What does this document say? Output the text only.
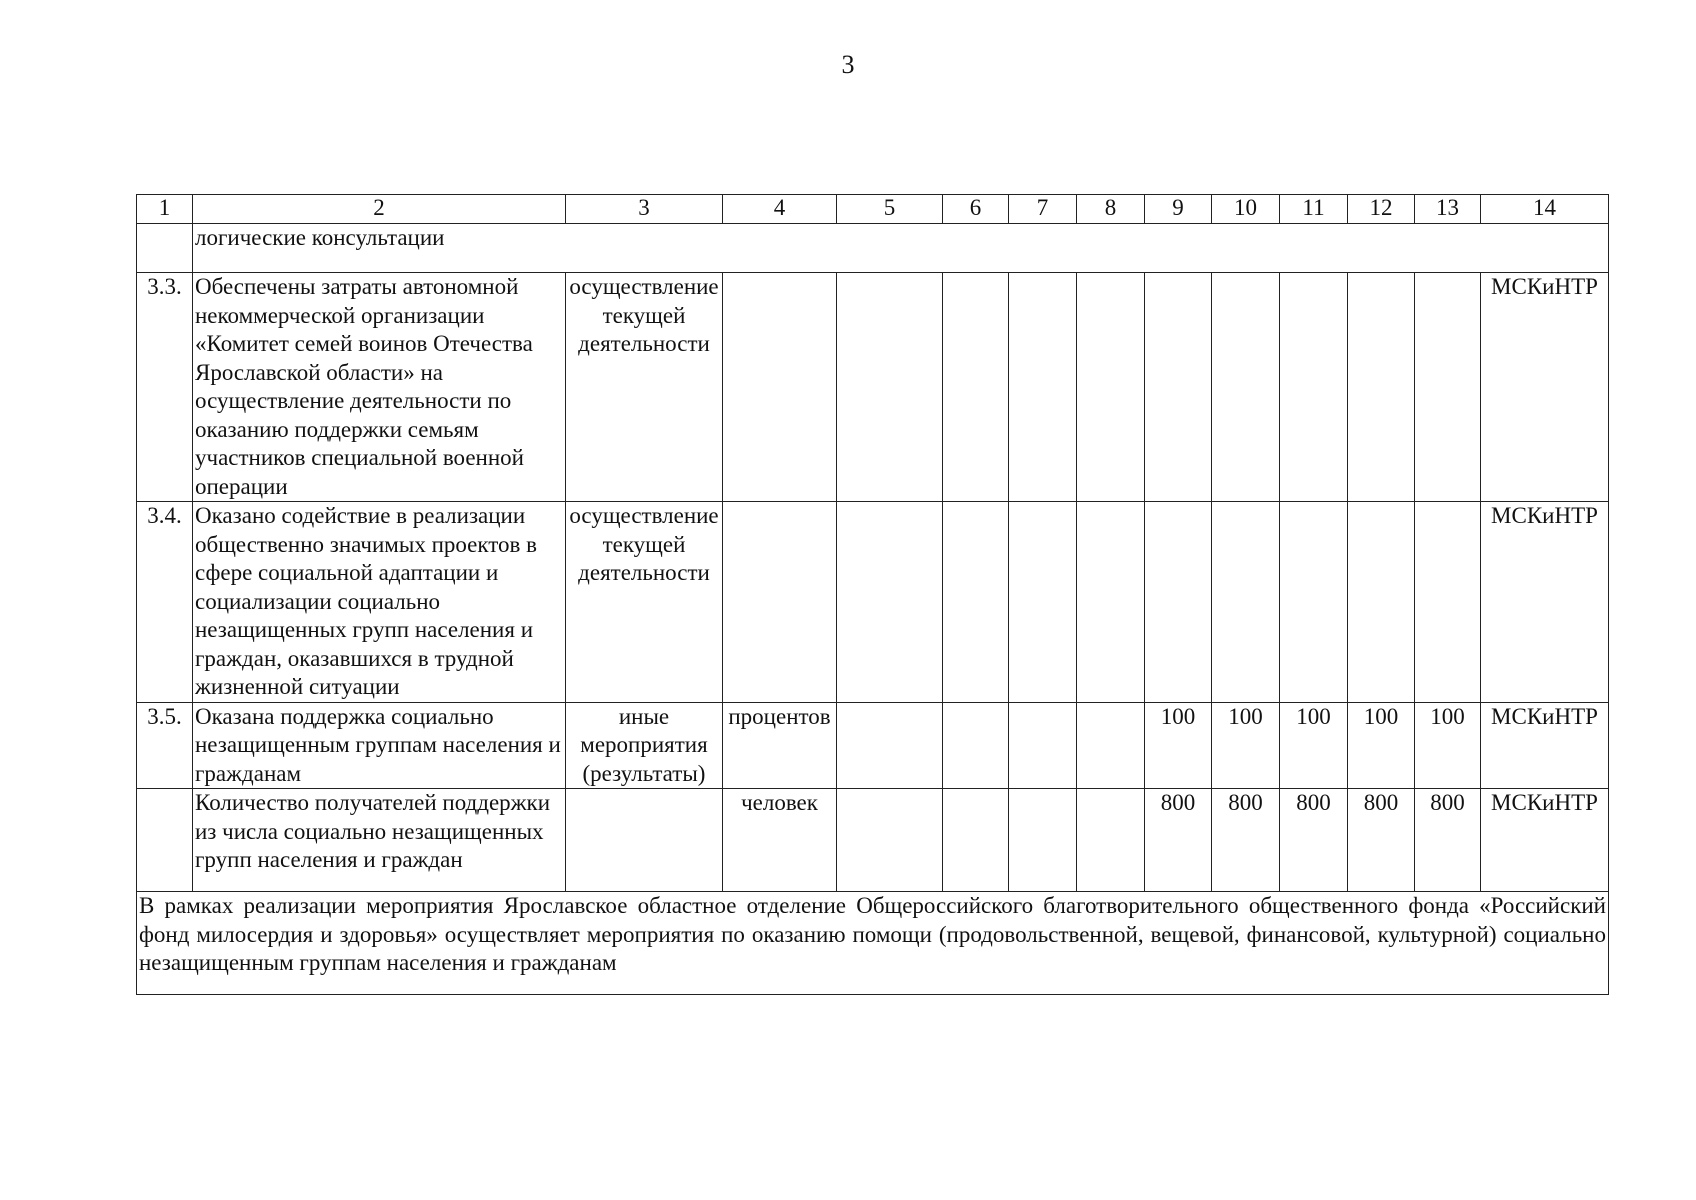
3
1	2	3	4	5	6	7	8	9	10	11	12	13	14
	логические консультации												
3.3.	Обеспечены затраты автономной некоммерческой организации «Комитет семей воинов Отечества Ярославской области» на осуществление деятельности по оказанию поддержки семьям участников специальной военной операции	осуществление текущей деятельности											МСКиНТР
3.4.	Оказано содействие в реализации общественно значимых проектов в сфере социальной адаптации и социализации социально незащищенных групп населения и граждан, оказавшихся в трудной жизненной ситуации	осуществление текущей деятельности											МСКиНТР
3.5.	Оказана поддержка социально незащищенным группам населения и гражданам	иные мероприятия (результаты)	процентов					100	100	100	100	100	МСКиНТР
	Количество получателей поддержки из числа социально незащищенных групп населения и граждан		человек					800	800	800	800	800	МСКиНТР
В рамках реализации мероприятия Ярославское областное отделение Общероссийского благотворительного общественного фонда «Российский фонд милосердия и здоровья» осуществляет мероприятия по оказанию помощи (продовольственной, вещевой, финансовой, культурной) социально незащищенным группам населения и гражданам													
